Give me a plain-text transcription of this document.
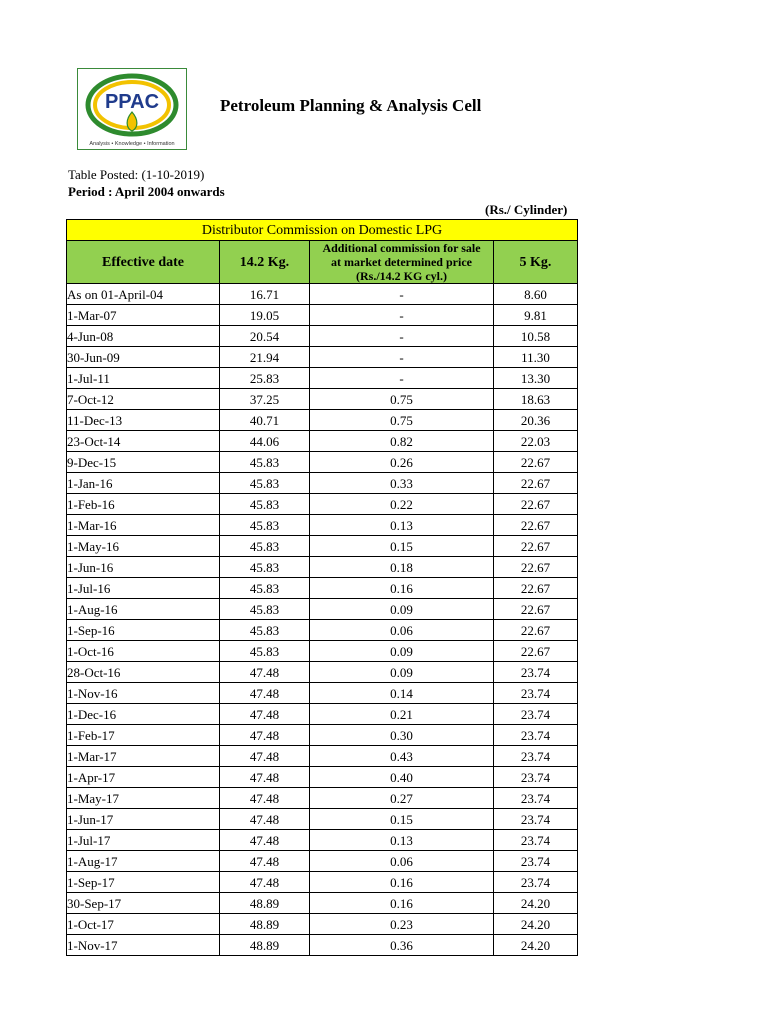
PPAC
Analysis • Knowledge • Information
Petroleum Planning & Analysis Cell
Table Posted: (1-10-2019)
Period : April 2004 onwards
(Rs./ Cylinder)
Distributor Commission on Domestic LPG			
Effective date	14.2 Kg.	Additional commission for sale at market determined price (Rs./14.2 KG cyl.)	5 Kg.
As on 01-April-04	16.71	-	8.60
1-Mar-07	19.05	-	9.81
4-Jun-08	20.54	-	10.58
30-Jun-09	21.94	-	11.30
1-Jul-11	25.83	-	13.30
7-Oct-12	37.25	0.75	18.63
11-Dec-13	40.71	0.75	20.36
23-Oct-14	44.06	0.82	22.03
9-Dec-15	45.83	0.26	22.67
1-Jan-16	45.83	0.33	22.67
1-Feb-16	45.83	0.22	22.67
1-Mar-16	45.83	0.13	22.67
1-May-16	45.83	0.15	22.67
1-Jun-16	45.83	0.18	22.67
1-Jul-16	45.83	0.16	22.67
1-Aug-16	45.83	0.09	22.67
1-Sep-16	45.83	0.06	22.67
1-Oct-16	45.83	0.09	22.67
28-Oct-16	47.48	0.09	23.74
1-Nov-16	47.48	0.14	23.74
1-Dec-16	47.48	0.21	23.74
1-Feb-17	47.48	0.30	23.74
1-Mar-17	47.48	0.43	23.74
1-Apr-17	47.48	0.40	23.74
1-May-17	47.48	0.27	23.74
1-Jun-17	47.48	0.15	23.74
1-Jul-17	47.48	0.13	23.74
1-Aug-17	47.48	0.06	23.74
1-Sep-17	47.48	0.16	23.74
30-Sep-17	48.89	0.16	24.20
1-Oct-17	48.89	0.23	24.20
1-Nov-17	48.89	0.36	24.20
